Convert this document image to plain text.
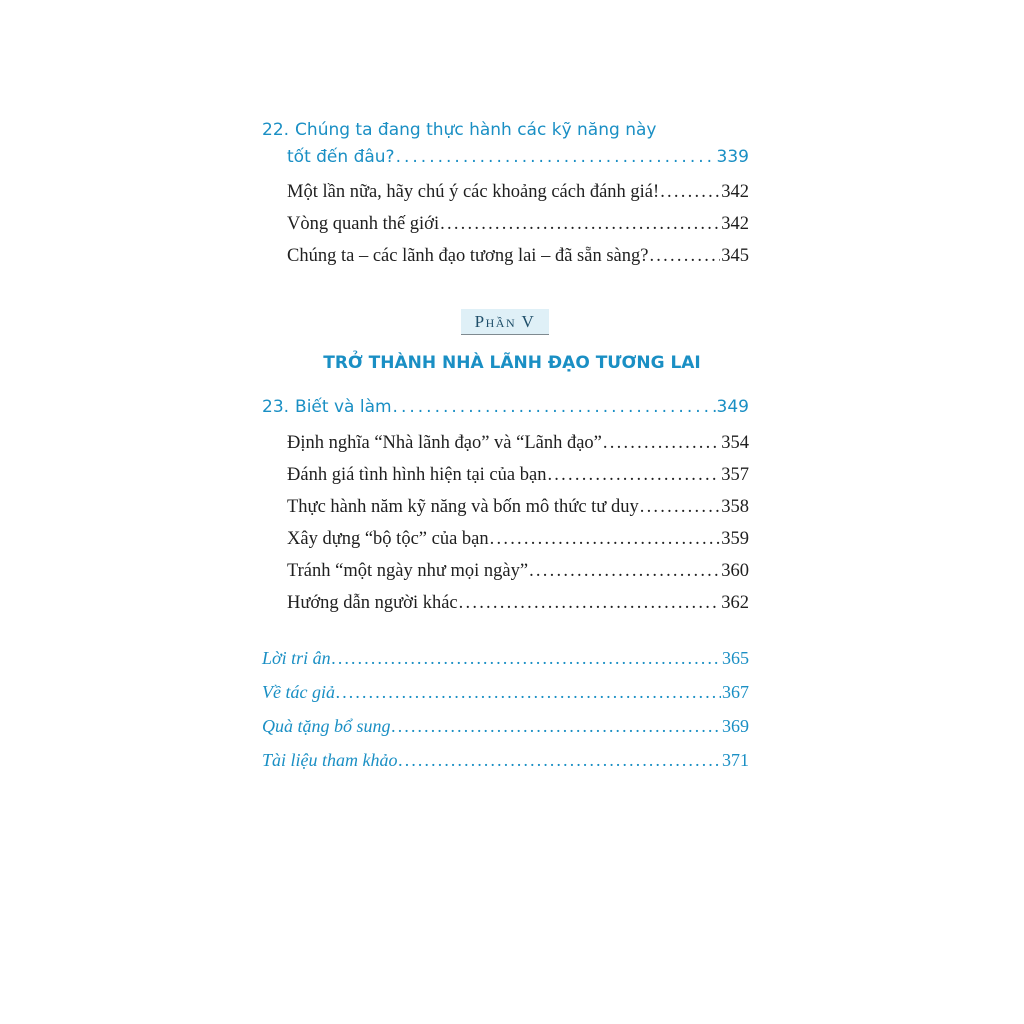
22. Chúng ta đang thực hành các kỹ năng này
tốt đến đâu? . . .	339
Một lần nữa, hãy chú ý các khoảng cách đánh giá! . . .	342
Vòng quanh thế giới . . .	342
Chúng ta – các lãnh đạo tương lai – đã sẵn sàng? . . .	345
Phần V
TRỞ THÀNH NHÀ LÃNH ĐẠO TƯƠNG LAI
23. Biết và làm . . .	349
Định nghĩa “Nhà lãnh đạo” và “Lãnh đạo” . . .	354
Đánh giá tình hình hiện tại của bạn . . .	357
Thực hành năm kỹ năng và bốn mô thức tư duy . . .	358
Xây dựng “bộ tộc” của bạn . . .	359
Tránh “một ngày như mọi ngày” . . .	360
Hướng dẫn người khác . . .	362
Lời tri ân . . .	365
Về tác giả . . .	367
Quà tặng bổ sung . . .	369
Tài liệu tham khảo . . .	371
